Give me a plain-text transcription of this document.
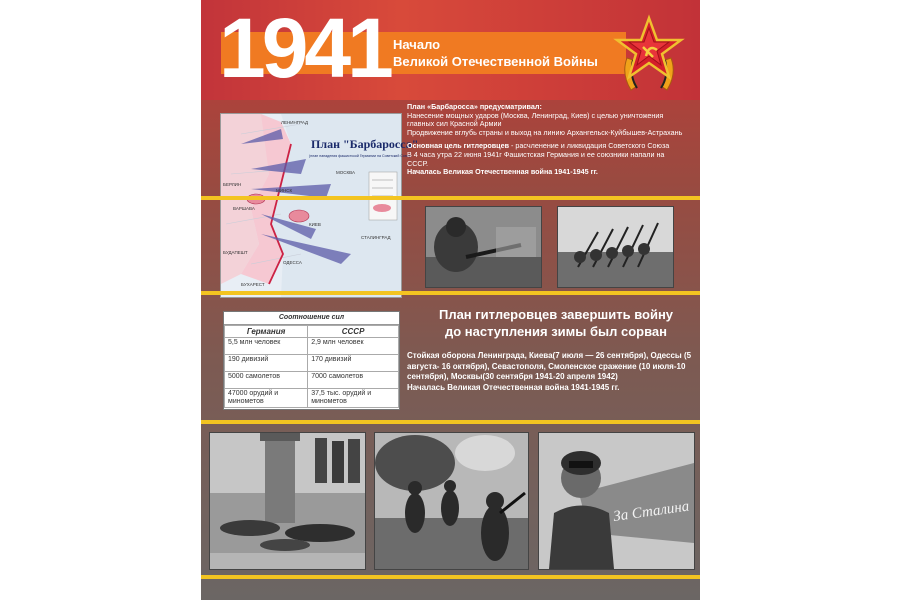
1941 Начало
Великой Отечественной Войны
МОСКВА
ЛЕНИНГРАД
КИЕВ
БЕРЛИН
ВАРШАВА
МИНСК
ОДЕССА
СТАЛИНГРАД
БУХАРЕСТ
БУДАПЕШТ
План "Барбаросса"
(план нападения фашистской Германии на Советский Союз)

План «Барбаросса» предусматривал:

Нанесение мощных ударов (Москва, Ленинград, Киев) с целью уничтожения главных сил Красной Армии

Продвижение вглубь страны и выход на линию Архангельск-Куйбышев-Астрахань

Основная цель гитлеровцев - расчленение и ликвидация Советского Союза

В 4 часа утра 22 июня 1941г Фашистская Германия и ее союзники напали на СССР.

Началась Великая Отечественная война 1941-1945 гг.

Соотношение сил
Германия	СССР
5,5 млн человек	2,9 млн человек
190 дивизий	170 дивизий
5000 самолетов	7000 самолетов
47000 орудий и минометов	37,5 тыс. орудий и минометов
План гитлеровцев завершить войну
до наступления зимы был сорван

Стойкая оборона Ленинграда, Киева(7 июля — 26 сентября), Одессы (5 августа- 16 октября), Севастополя, Смоленское сражение (10 июля-10 сентября), Москвы(30 сентября 1941-20 апреля 1942)

Началась Великая Отечественная война 1941-1945 гг.

За Сталина
